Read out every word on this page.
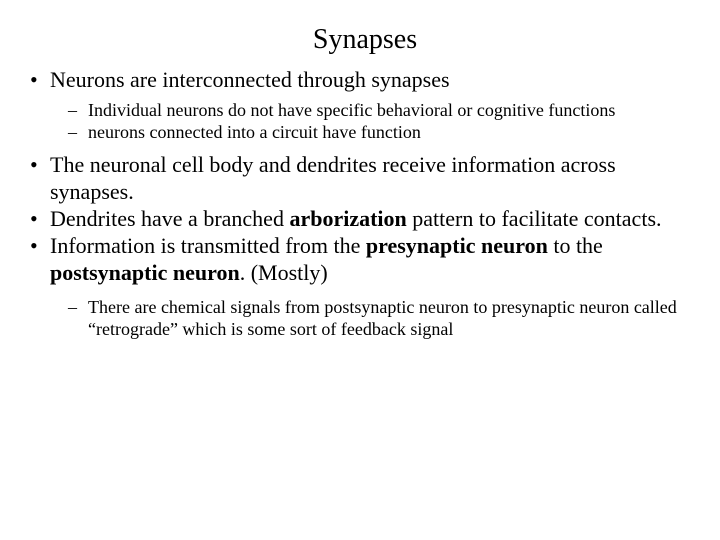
Synapses
• Neurons are interconnected through synapses
– Individual neurons do not have specific behavioral or cognitive functions
– neurons connected into a circuit have function
• The neuronal cell body and dendrites receive information across synapses.
• Dendrites have a branched arborization pattern to facilitate contacts.
• Information is transmitted from the presynaptic neuron to the postsynaptic neuron. (Mostly)
– There are chemical signals from postsynaptic neuron to presynaptic neuron called “retrograde” which is some sort of feedback signal
